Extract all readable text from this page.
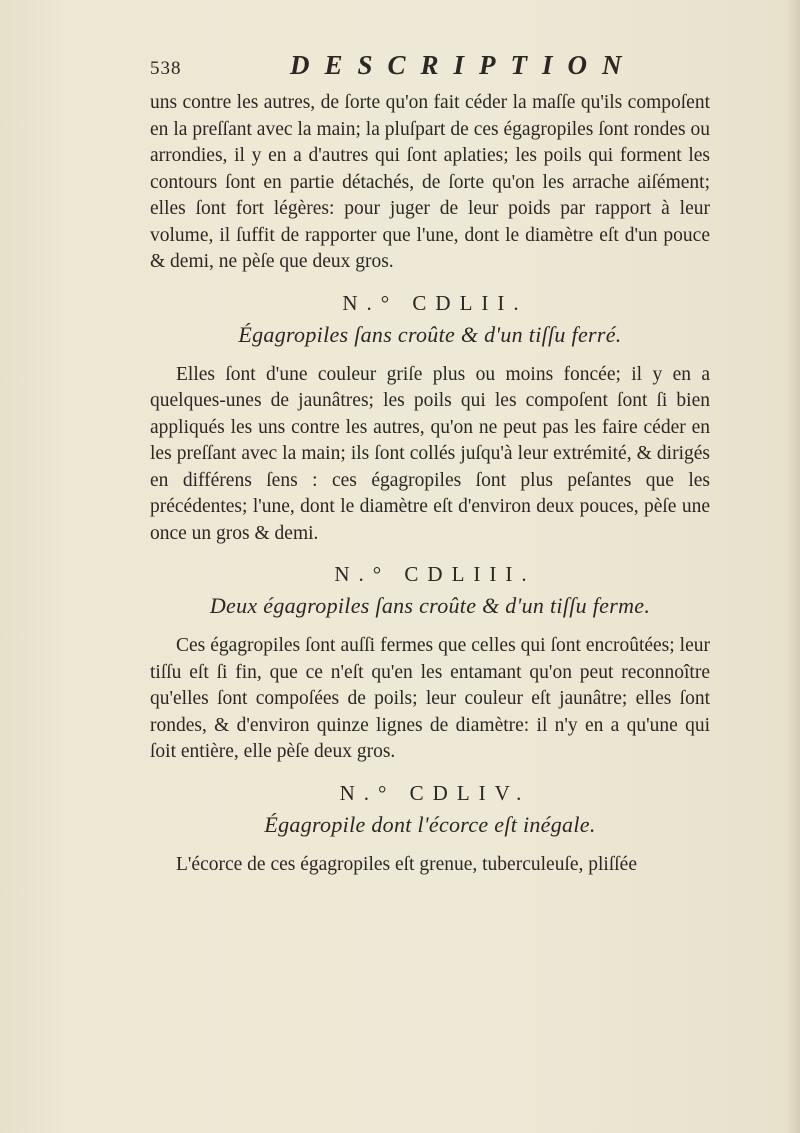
538	DESCRIPTION

uns contre les autres, de ſorte qu'on fait céder la maſſe qu'ils compoſent en la preſſant avec la main; la pluſpart de ces égagropiles ſont rondes ou arrondies, il y en a d'autres qui ſont aplaties; les poils qui forment les contours ſont en partie détachés, de ſorte qu'on les arrache aiſément; elles ſont fort légères: pour juger de leur poids par rapport à leur volume, il ſuffit de rapporter que l'une, dont le diamètre eſt d'un pouce & demi, ne pèſe que deux gros.

N.° CDLII.
Égagropiles ſans croûte & d'un tiſſu ferré.

Elles ſont d'une couleur griſe plus ou moins foncée; il y en a quelques-unes de jaunâtres; les poils qui les compoſent ſont ſi bien appliqués les uns contre les autres, qu'on ne peut pas les faire céder en les preſſant avec la main; ils ſont collés juſqu'à leur extrémité, & dirigés en différens ſens : ces égagropiles ſont plus peſantes que les précédentes; l'une, dont le diamètre eſt d'environ deux pouces, pèſe une once un gros & demi.

N.° CDLIII.
Deux égagropiles ſans croûte & d'un tiſſu ferme.

Ces égagropiles ſont auſſi fermes que celles qui ſont encroûtées; leur tiſſu eſt ſi fin, que ce n'eſt qu'en les entamant qu'on peut reconnoître qu'elles ſont compoſées de poils; leur couleur eſt jaunâtre; elles ſont rondes, & d'environ quinze lignes de diamètre: il n'y en a qu'une qui ſoit entière, elle pèſe deux gros.

N.° CDLIV.
Égagropile dont l'écorce eſt inégale.

L'écorce de ces égagropiles eſt grenue, tuberculeuſe, pliſſée
